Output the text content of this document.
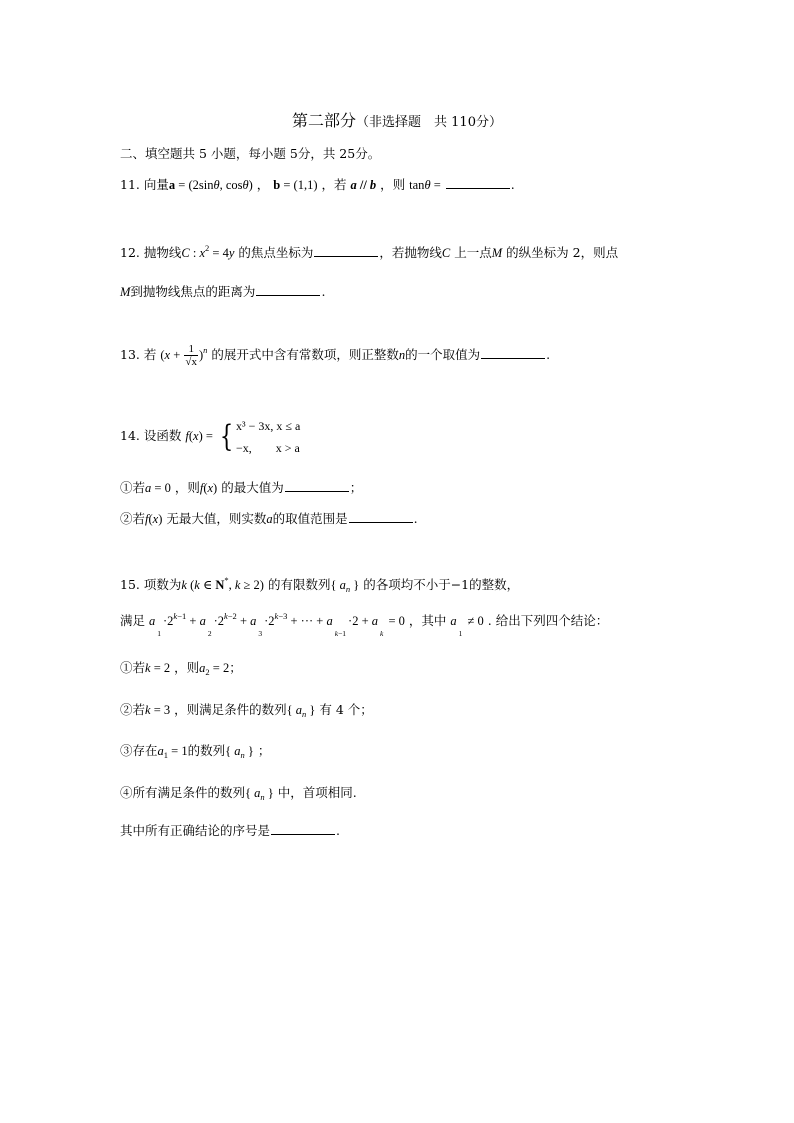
第二部分（非选择题　共 110分）
二、填空题共 5 小题，每小题 5分，共 25分。
11. 向量a = (2sinθ, cosθ) ， b = (1,1) ，若 a // b ，则 tanθ =	.
12. 抛物线C : $x^2 = 4y$ 的焦点坐标为	，若抛物线C 上一点M 的纵坐标为 2，则点
M到抛物线焦点的距离为	.
13. 若 $(x + \frac{1}{√x} )^n$ 的展开式中含有常数项，则正整数n的一个取值为	.
14. 设函数 f(x) = { x³ − 3x, x ≤ a
−x,        x > a
①若a = 0 ，则f(x) 的最大值为	；
②若f(x) 无最大值，则实数a的取值范围是	.
15. 项数为k (k ∈ N*, k ≥ 2) 的有限数列{ $a_n$ } 的各项均不小于−1的整数，
满足 $a_1\cdot 2^{k-1} + a_2\cdot 2^{k-2} + a_3\cdot 2^{k-3}$ + ··· + $a_{k-1}\cdot 2 + a_k = 0$ ，其中 $a_1 \ne 0$ . 给出下列四个结论：
①若k = 2 ，则$a_2 = 2$；
②若k = 3 ，则满足条件的数列{ $a_n$ } 有 4 个；
③存在$a_1 = 1$的数列{ $a_n$ } ；
④所有满足条件的数列{ $a_n$ } 中，首项相同.
其中所有正确结论的序号是	.
